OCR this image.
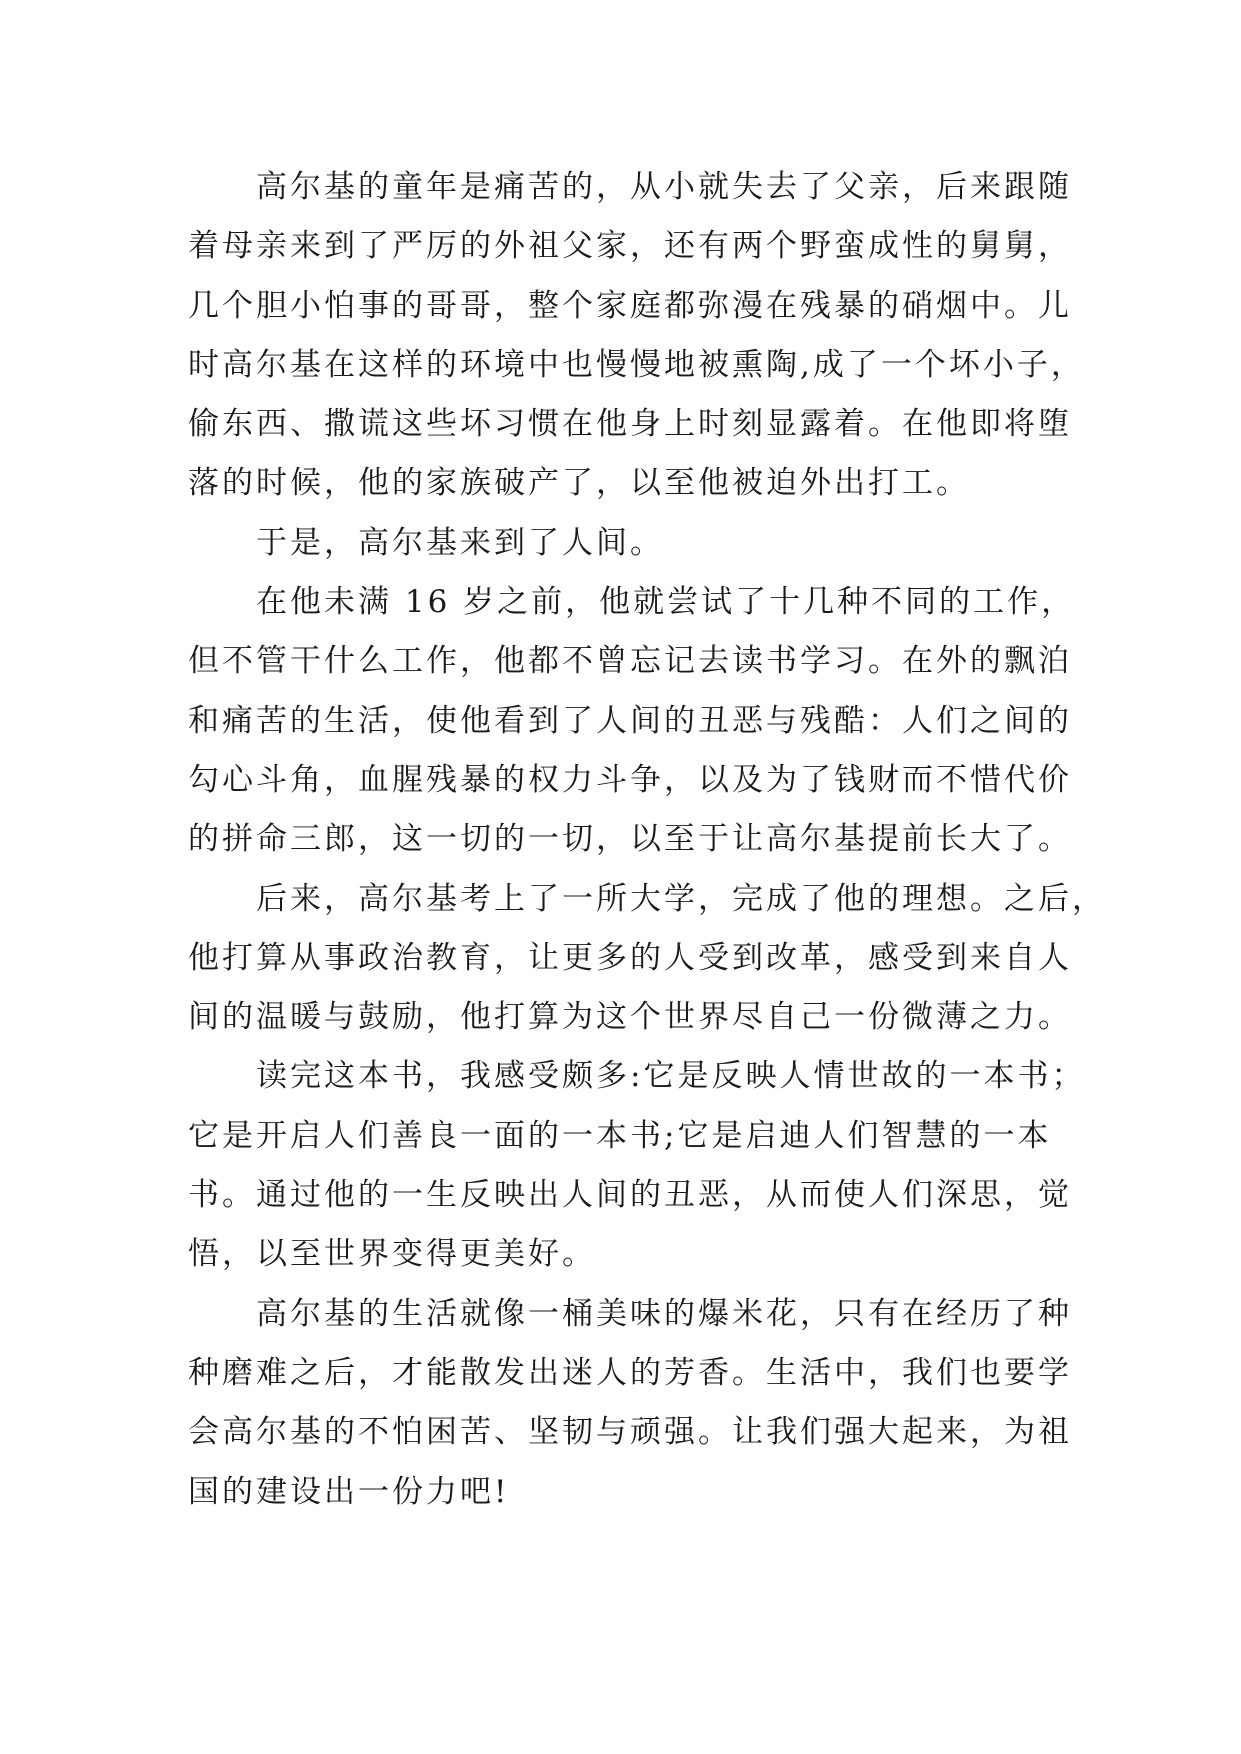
高尔基的童年是痛苦的，从小就失去了父亲，后来跟随
着母亲来到了严厉的外祖父家，还有两个野蛮成性的舅舅，
几个胆小怕事的哥哥，整个家庭都弥漫在残暴的硝烟中。儿
时高尔基在这样的环境中也慢慢地被熏陶,成了一个坏小子，
偷东西、撒谎这些坏习惯在他身上时刻显露着。在他即将堕
落的时候，他的家族破产了，以至他被迫外出打工。
于是，高尔基来到了人间。
在他未满 16 岁之前，他就尝试了十几种不同的工作，
但不管干什么工作，他都不曾忘记去读书学习。在外的飘泊
和痛苦的生活，使他看到了人间的丑恶与残酷：人们之间的
勾心斗角，血腥残暴的权力斗争，以及为了钱财而不惜代价
的拼命三郎，这一切的一切，以至于让高尔基提前长大了。
后来，高尔基考上了一所大学，完成了他的理想。之后，
他打算从事政治教育，让更多的人受到改革，感受到来自人
间的温暖与鼓励，他打算为这个世界尽自己一份微薄之力。
读完这本书，我感受颇多:它是反映人情世故的一本书；
它是开启人们善良一面的一本书;它是启迪人们智慧的一本
书。通过他的一生反映出人间的丑恶，从而使人们深思，觉
悟，以至世界变得更美好。
高尔基的生活就像一桶美味的爆米花，只有在经历了种
种磨难之后，才能散发出迷人的芳香。生活中，我们也要学
会高尔基的不怕困苦、坚韧与顽强。让我们强大起来，为祖
国的建设出一份力吧!
